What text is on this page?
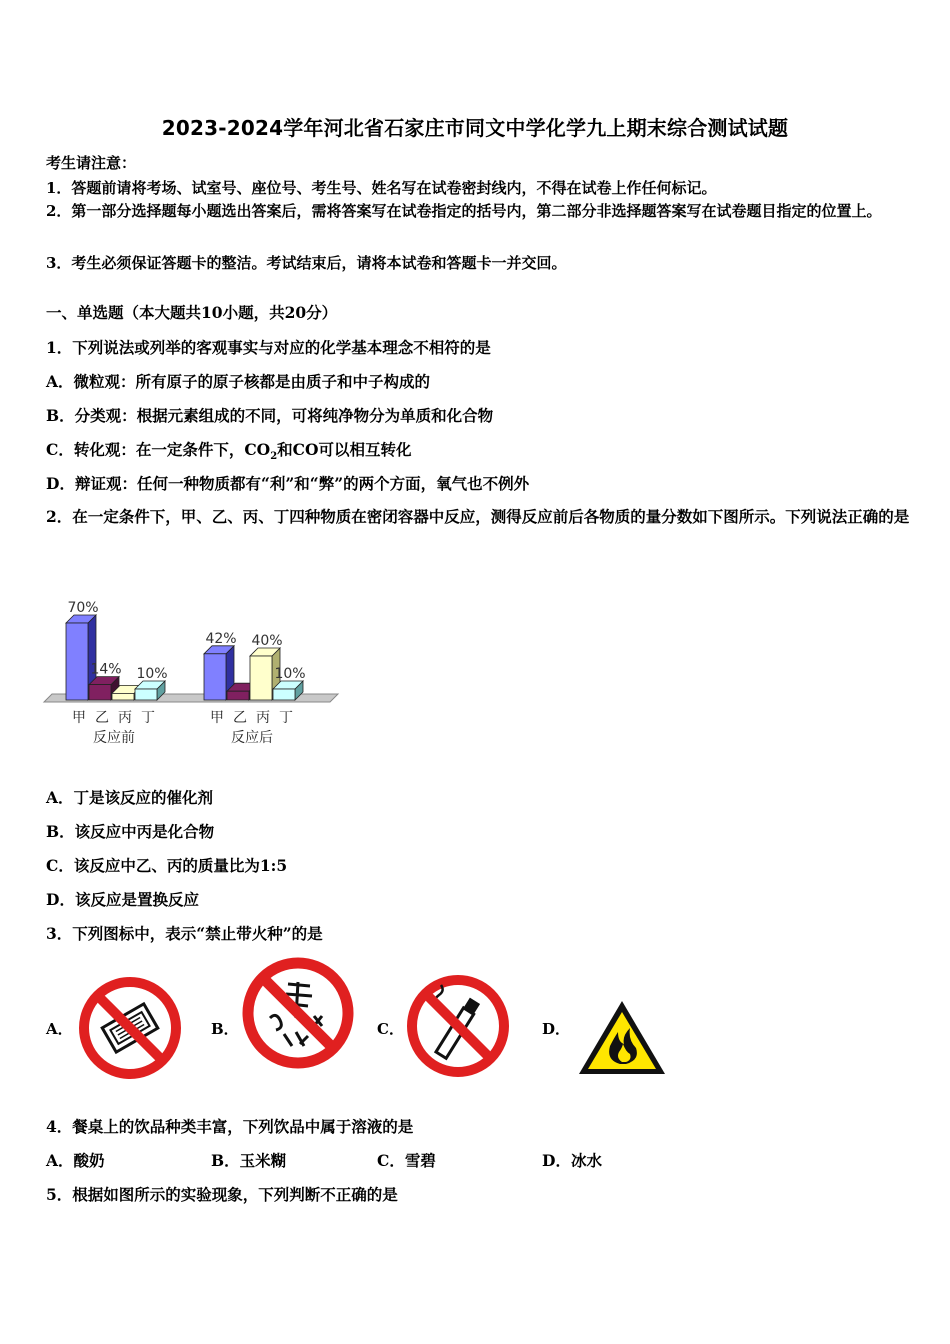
2023-2024学年河北省石家庄市同文中学化学九上期末综合测试试题
考生请注意：
1．答题前请将考场、试室号、座位号、考生号、姓名写在试卷密封线内，不得在试卷上作任何标记。
2．第一部分选择题每小题选出答案后，需将答案写在试卷指定的括号内，第二部分非选择题答案写在试卷题目指定的位置上。
3．考生必须保证答题卡的整洁。考试结束后，请将本试卷和答题卡一并交回。
一、单选题（本大题共10小题，共20分）
1．下列说法或列举的客观事实与对应的化学基本理念不相符的是
A．微粒观：所有原子的原子核都是由质子和中子构成的
B．分类观：根据元素组成的不同，可将纯净物分为单质和化合物
C．转化观：在一定条件下，$CO_2$和CO可以相互转化
D．辩证观：任何一种物质都有“利”和“弊”的两个方面，氧气也不例外
2．在一定条件下，甲、乙、丙、丁四种物质在密闭容器中反应，测得反应前后各物质的量分数如下图所示。下列说法正确的是
70%
甲
14%
乙 丙
10%
丁
反应前
42%
甲 乙
40%
丙
10%
丁
反应后
A．丁是该反应的催化剂
B．该反应中丙是化合物
C．该反应中乙、丙的质量比为1:5
D．该反应是置换反应
3．下列图标中，表示“禁止带火种”的是
A．	B．	C．	D．
4．餐桌上的饮品种类丰富，下列饮品中属于溶液的是
A．酸奶	B．玉米糊	C．雪碧	D．冰水
5．根据如图所示的实验现象，下列判断不正确的是
